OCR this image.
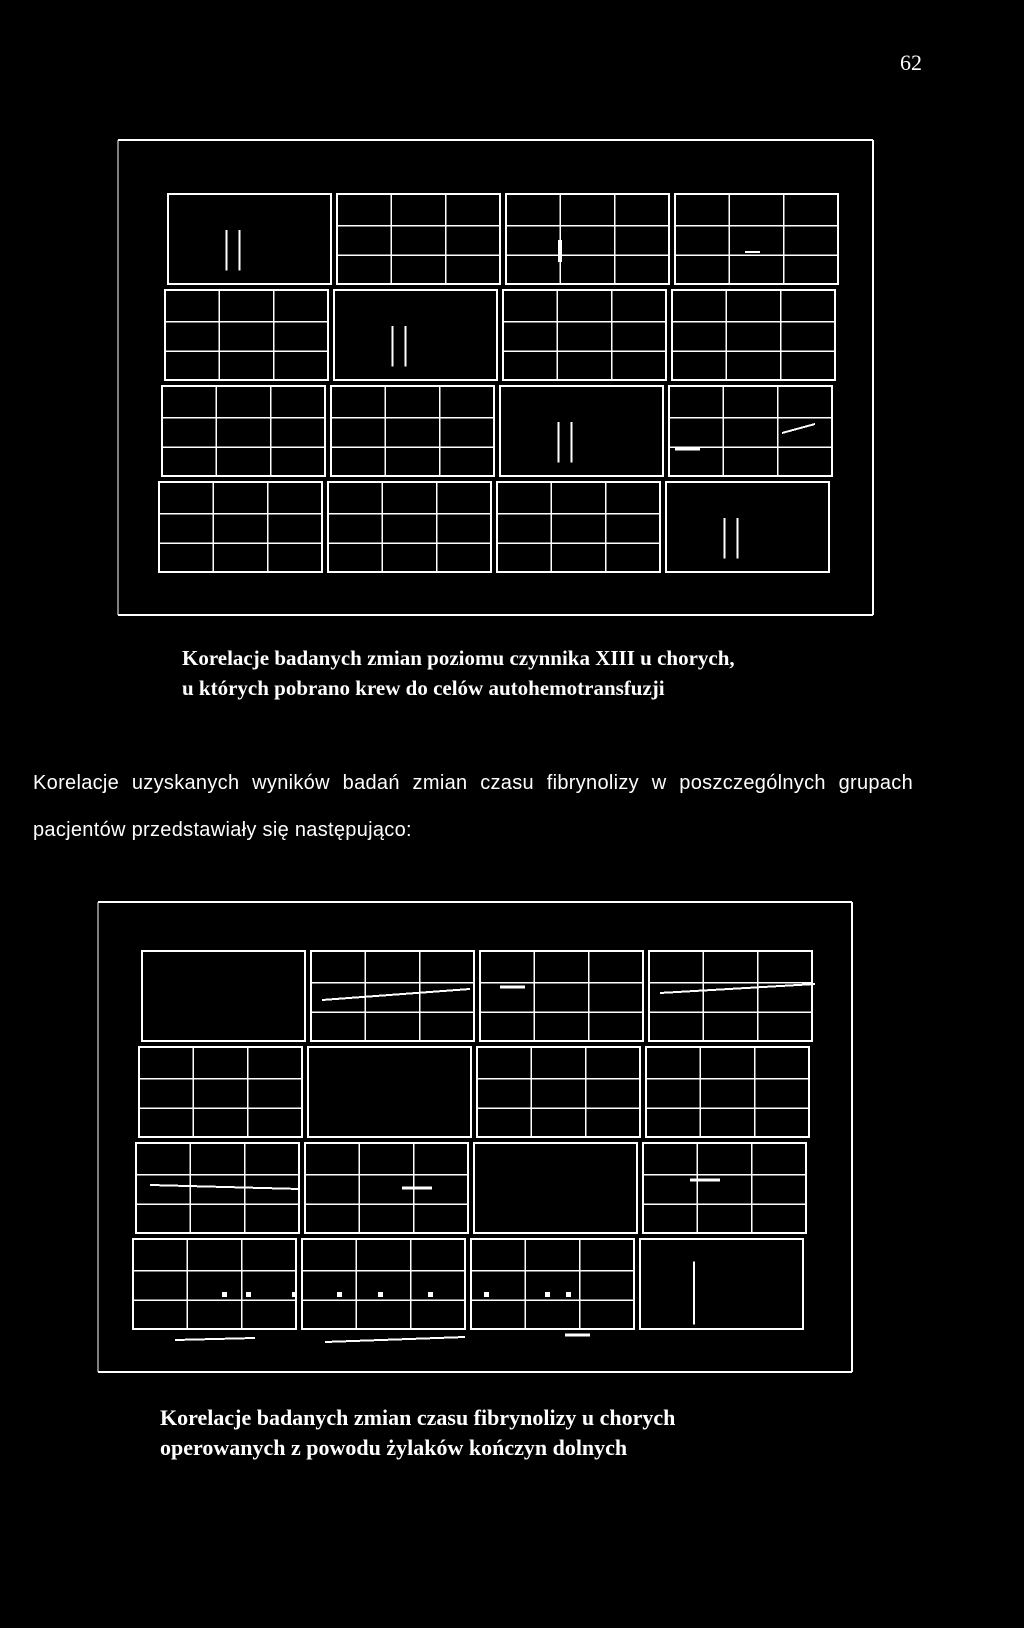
62
Korelacje badanych zmian poziomu czynnika XIII u chorych,
u których pobrano krew do celów autohemotransfuzji
Korelacje uzyskanych wyników badań zmian czasu fibrynolizy w poszczególnych grupach pacjentów przedstawiały się następująco:
Korelacje badanych zmian czasu fibrynolizy u chorych
operowanych z powodu żylaków kończyn dolnych
